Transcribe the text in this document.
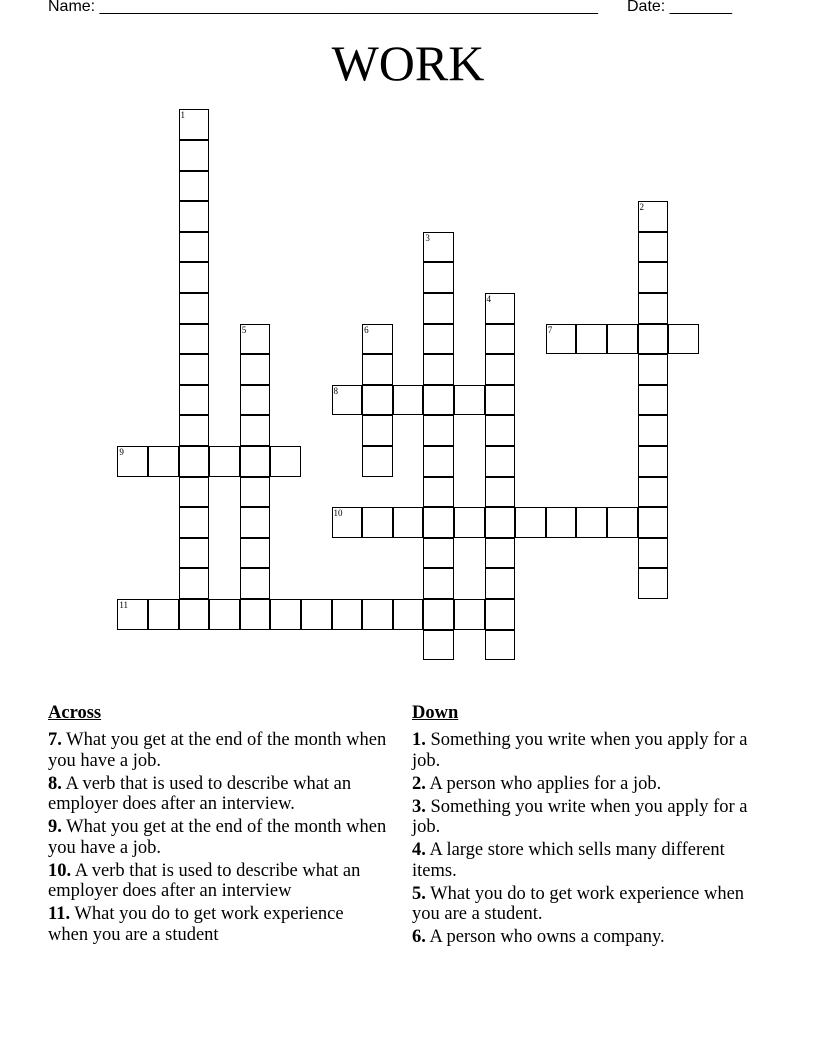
Name: ________________________________________________________ Date: _______
WORK
1
2
3
4
5	6	7
8
9
10
11
Across
7. What you get at the end of the month when you have a job.
8. A verb that is used to describe what an employer does after an interview.
9. What you get at the end of the month when you have a job.
10. A verb that is used to describe what an employer does after an interview
11. What you do to get work experience when you are a student
Down
1. Something you write when you apply for a job.
2. A person who applies for a job.
3. Something you write when you apply for a job.
4. A large store which sells many different items.
5. What you do to get work experience when you are a student.
6. A person who owns a company.
